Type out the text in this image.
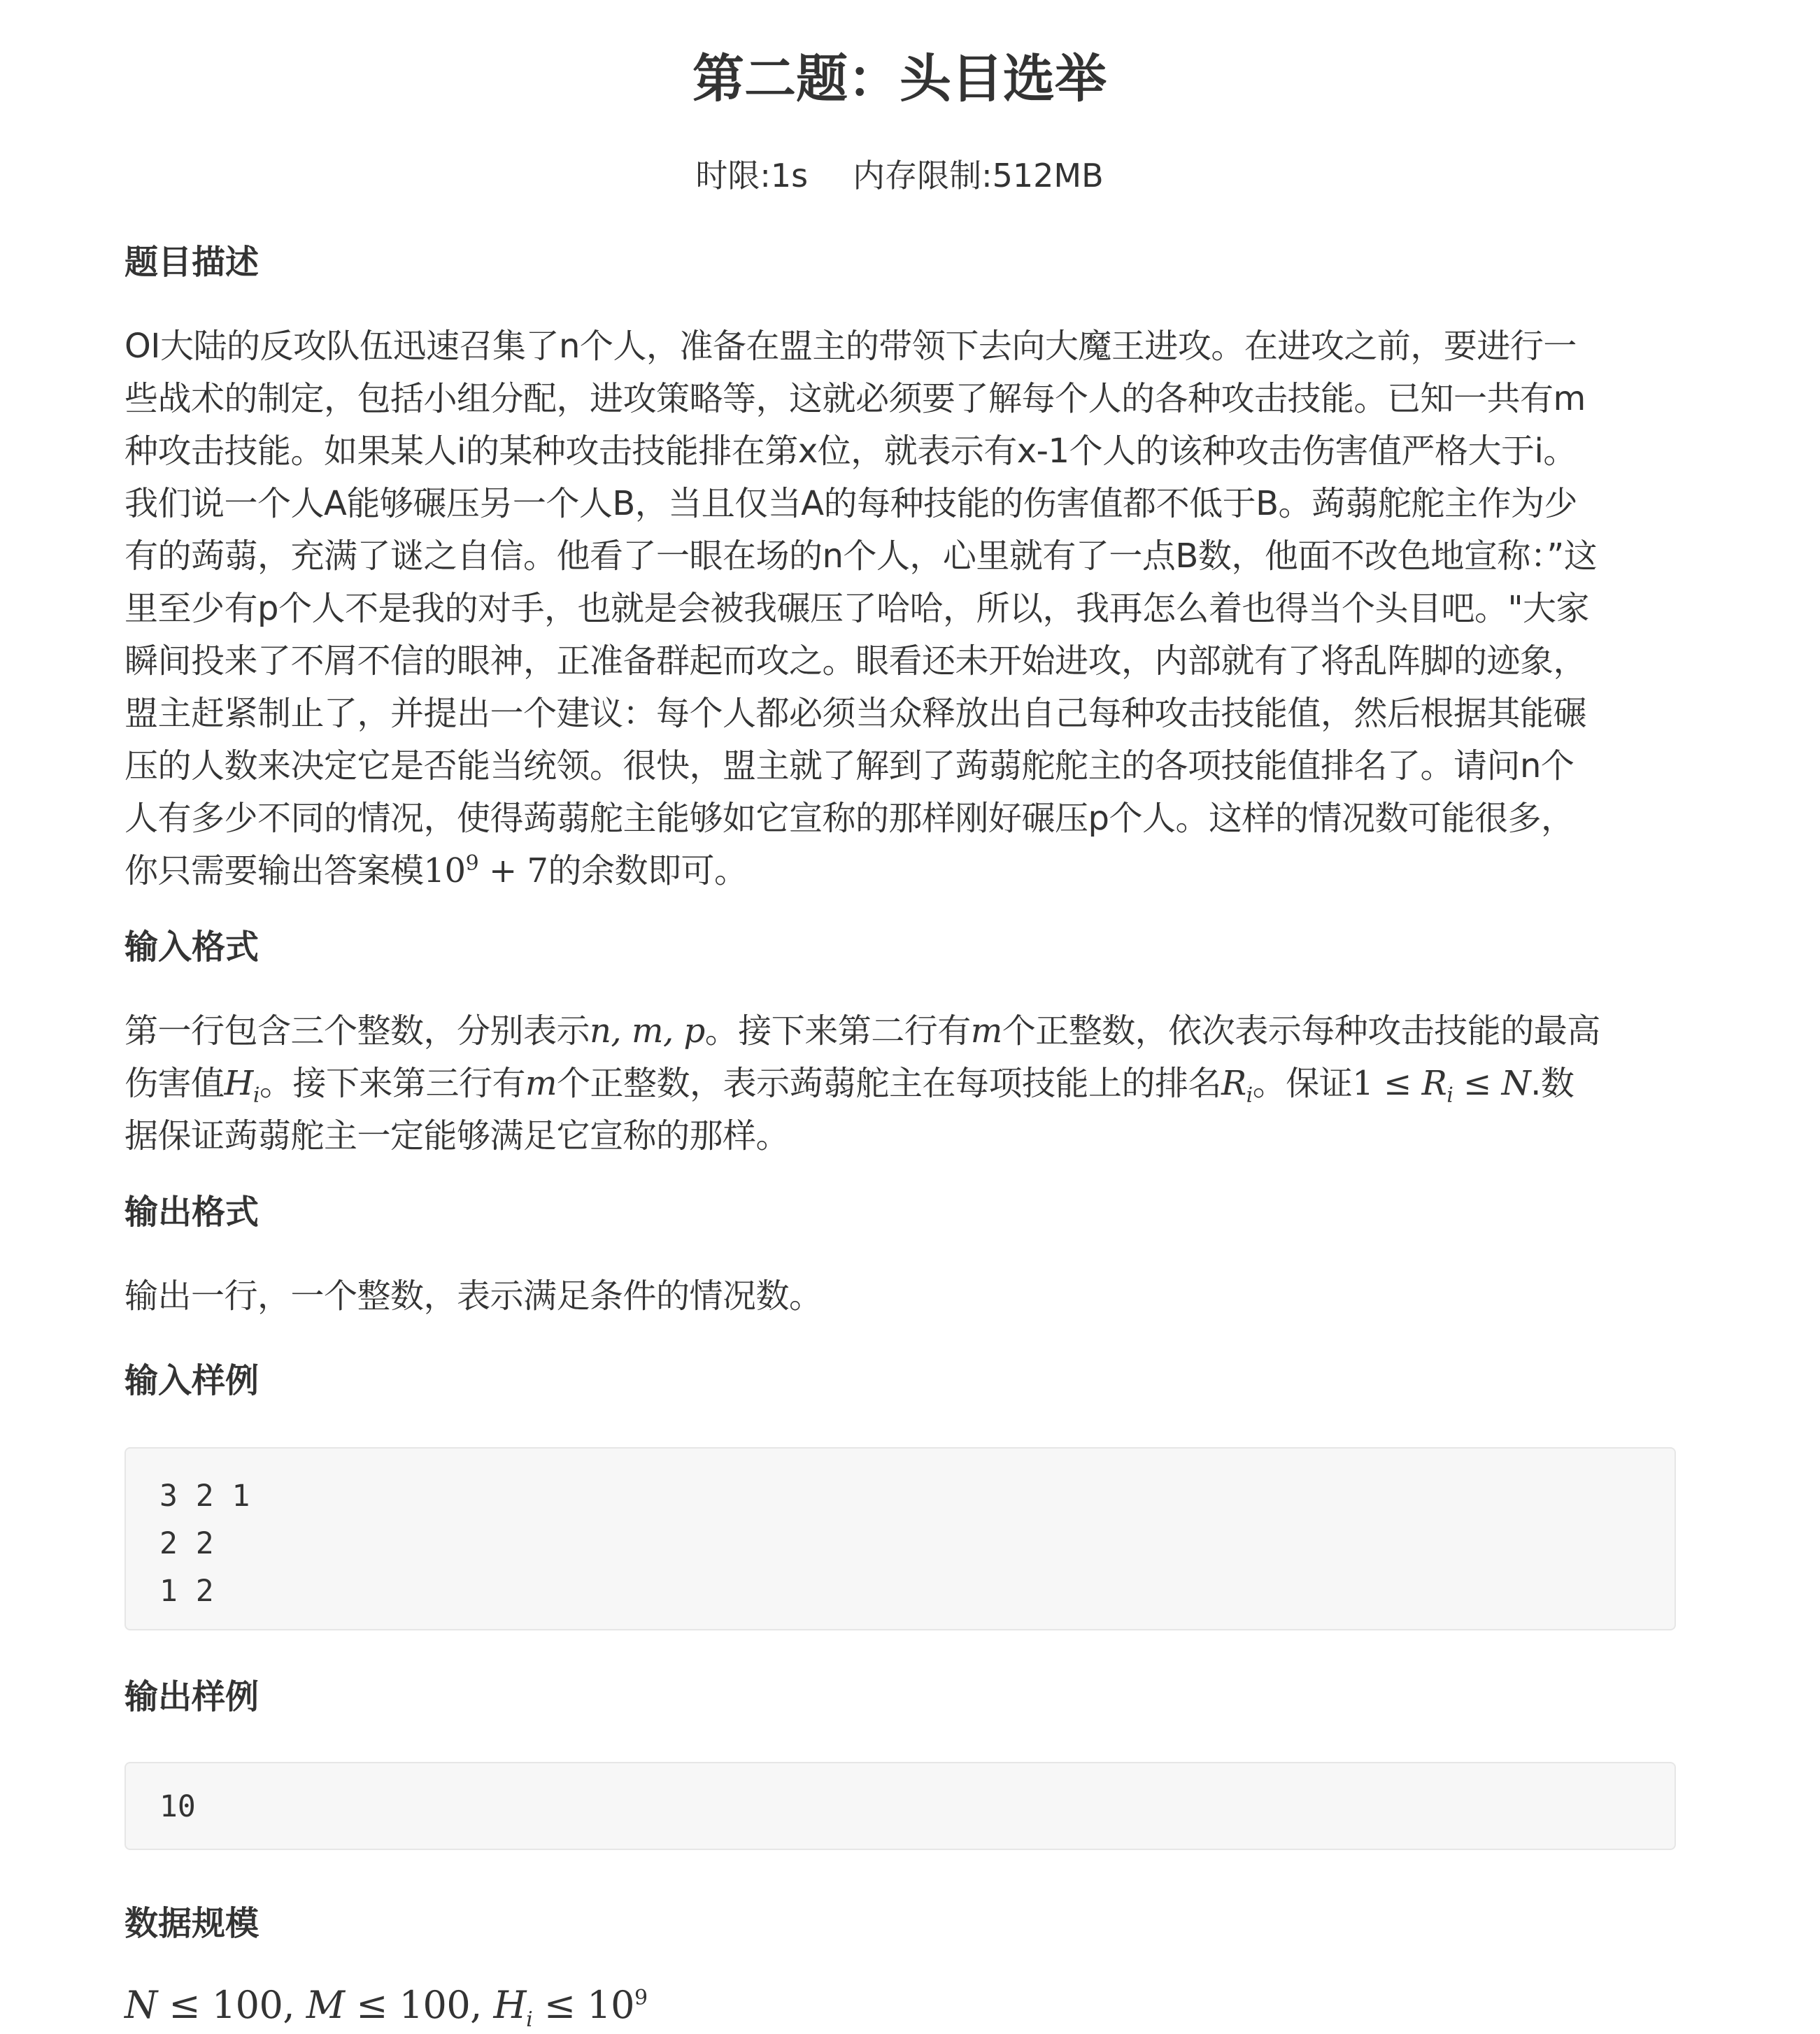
第二题：头目选举
时限:1s 内存限制:512MB
题目描述

OI大陆的反攻队伍迅速召集了n个人，准备在盟主的带领下去向大魔王进攻。在进攻之前，要进行一些战术的制定，包括小组分配，进攻策略等，这就必须要了解每个人的各种攻击技能。已知一共有m种攻击技能。如果某人i的某种攻击技能排在第x位，就表示有x-1个人的该种攻击伤害值严格大于i。我们说一个人A能够碾压另一个人B，当且仅当A的每种技能的伤害值都不低于B。蒟蒻舵舵主作为少有的蒟蒻，充满了谜之自信。他看了一眼在场的n个人，心里就有了一点B数，他面不改色地宣称：”这里至少有p个人不是我的对手，也就是会被我碾压了哈哈，所以，我再怎么着也得当个头目吧。"大家瞬间投来了不屑不信的眼神，正准备群起而攻之。眼看还未开始进攻，内部就有了将乱阵脚的迹象，盟主赶紧制止了，并提出一个建议：每个人都必须当众释放出自己每种攻击技能值，然后根据其能碾压的人数来决定它是否能当统领。很快，盟主就了解到了蒟蒻舵舵主的各项技能值排名了。请问n个人有多少不同的情况，使得蒟蒻舵主能够如它宣称的那样刚好碾压p个人。这样的情况数可能很多，你只需要输出答案模$10^9 + 7$的余数即可。

输入格式

第一行包含三个整数，分别表示n, m, p。接下来第二行有m个正整数，依次表示每种攻击技能的最高伤害值$H_i$。接下来第三行有m个正整数，表示蒟蒻舵主在每项技能上的排名$R_i$。保证$1 \le R_i \le N$.数据保证蒟蒻舵主一定能够满足它宣称的那样。

输出格式

输出一行，一个整数，表示满足条件的情况数。

输入样例
3 2 1
2 2
1 2
输出样例
10
数据规模

N ≤ 100, M ≤ 100, $H_i \le 10^9$
